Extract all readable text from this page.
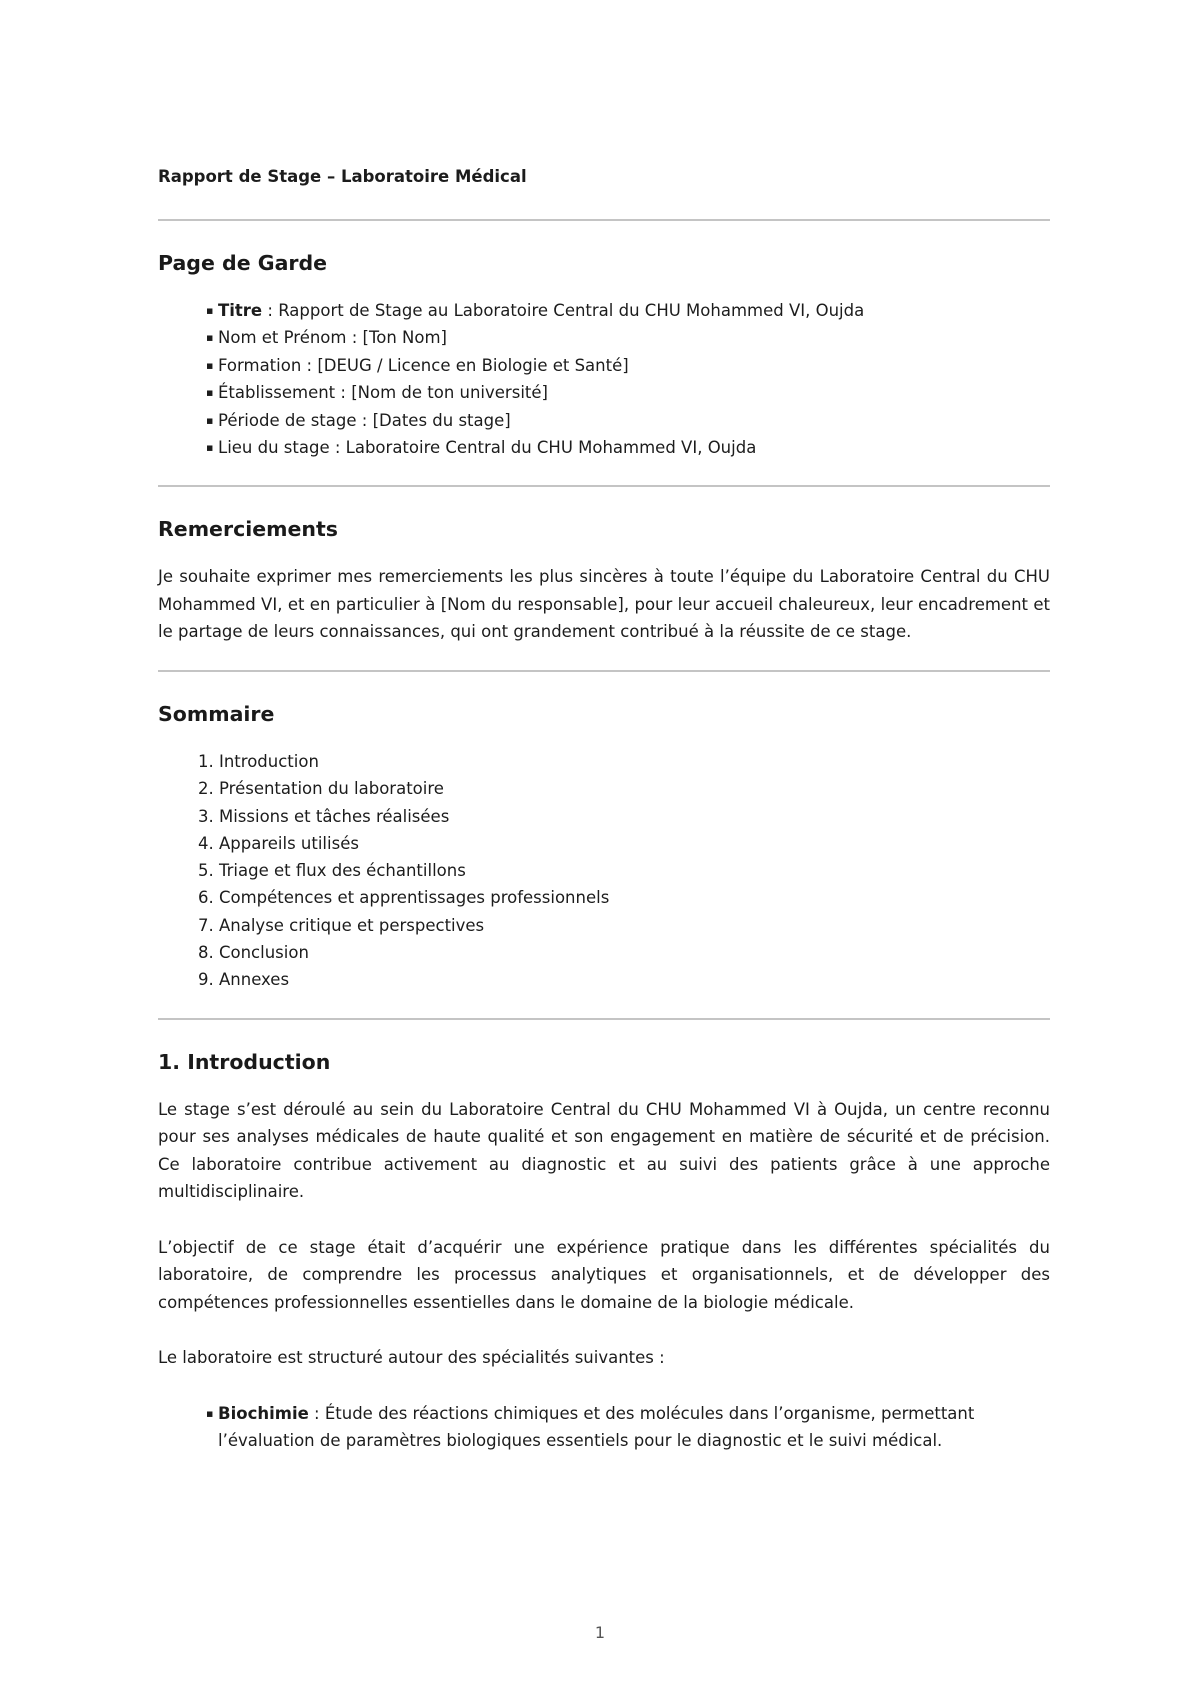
Rapport de Stage – Laboratoire Médical

Page de Garde
▪ Titre : Rapport de Stage au Laboratoire Central du CHU Mohammed VI, Oujda
▪ Nom et Prénom : [Ton Nom]
▪ Formation : [DEUG / Licence en Biologie et Santé]
▪ Établissement : [Nom de ton université]
▪ Période de stage : [Dates du stage]
▪ Lieu du stage : Laboratoire Central du CHU Mohammed VI, Oujda
Remerciements

Je souhaite exprimer mes remerciements les plus sincères à toute l’équipe du Laboratoire Central du CHU Mohammed VI, et en particulier à [Nom du responsable], pour leur accueil chaleureux, leur encadrement et le partage de leurs connaissances, qui ont grandement contribué à la réussite de ce stage.

Sommaire
1. Introduction
2. Présentation du laboratoire
3. Missions et tâches réalisées
4. Appareils utilisés
5. Triage et flux des échantillons
6. Compétences et apprentissages professionnels
7. Analyse critique et perspectives
8. Conclusion
9. Annexes
1. Introduction

Le stage s’est déroulé au sein du Laboratoire Central du CHU Mohammed VI à Oujda, un centre reconnu pour ses analyses médicales de haute qualité et son engagement en matière de sécurité et de précision. Ce laboratoire contribue activement au diagnostic et au suivi des patients grâce à une approche multidisciplinaire.

L’objectif de ce stage était d’acquérir une expérience pratique dans les différentes spécialités du laboratoire, de comprendre les processus analytiques et organisationnels, et de développer des compétences professionnelles essentielles dans le domaine de la biologie médicale.

Le laboratoire est structuré autour des spécialités suivantes :

▪ Biochimie : Étude des réactions chimiques et des molécules dans l’organisme, permettant l’évaluation de paramètres biologiques essentiels pour le diagnostic et le suivi médical.
1
